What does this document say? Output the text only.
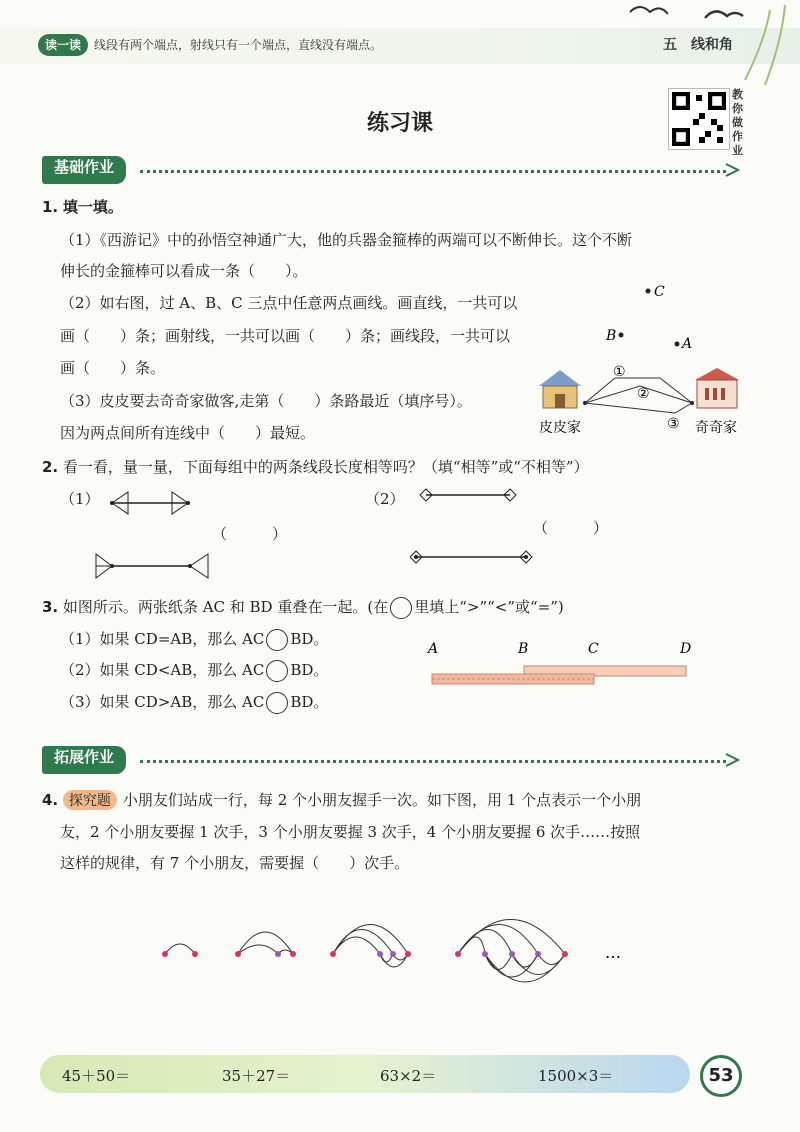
读一读	线段有两个端点，射线只有一个端点，直线没有端点。	五　线和角
练习课
教你做作业
基础作业
1. 填一填。
（1）《西游记》中的孙悟空神通广大，他的兵器金箍棒的两端可以不断伸长。这个不断
伸长的金箍棒可以看成一条（　　）。
（2）如右图，过 A、B、C 三点中任意两点画线。画直线，一共可以
画（　　）条；画射线，一共可以画（　　）条；画线段，一共可以
画（　　）条。
（3）皮皮要去奇奇家做客,走第（　　）条路最近（填序号）。
因为两点间所有连线中（　　）最短。
C
B	A
①
②
③
皮皮家	奇奇家
2. 看一看，量一量，下面每组中的两条线段长度相等吗？（填“相等”或“不相等”）
（1）	（2）
（　　　）	（　　　）
3. 如图所示。两张纸条 AC 和 BD 重叠在一起。(在 里填上“>”“<”或“=”)
（1）如果 CD=AB，那么 AC BD。
（2）如果 CD<AB，那么 AC BD。
（3）如果 CD>AB，那么 AC BD。
A	B	C	D
拓展作业
4. 探究题 小朋友们站成一行，每 2 个小朋友握手一次。如下图，用 1 个点表示一个小朋
友，2 个小朋友要握 1 次手，3 个小朋友要握 3 次手，4 个小朋友要握 6 次手……按照
这样的规律，有 7 个小朋友，需要握（　　）次手。
…
45＋50＝	35＋27＝	63×2＝	1500×3＝	53
